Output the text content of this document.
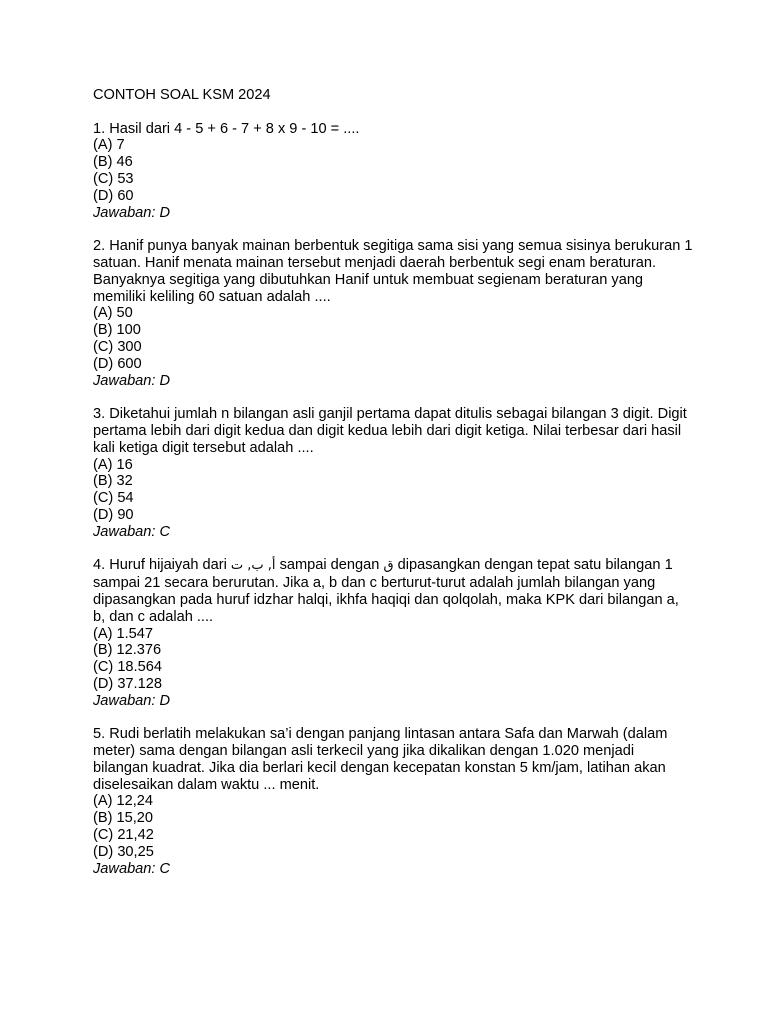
CONTOH SOAL KSM 2024

1. Hasil dari 4 - 5 + 6 - 7 + 8 x 9 - 10 = ....

(A) 7

(B) 46

(C) 53

(D) 60

Jawaban: D

2. Hanif punya banyak mainan berbentuk segitiga sama sisi yang semua sisinya berukuran 1 satuan. Hanif menata mainan tersebut menjadi daerah berbentuk segi enam beraturan. Banyaknya segitiga yang dibutuhkan Hanif untuk membuat segienam beraturan yang memiliki keliling 60 satuan adalah ....

(A) 50

(B) 100

(C) 300

(D) 600

Jawaban: D

3. Diketahui jumlah n bilangan asli ganjil pertama dapat ditulis sebagai bilangan 3 digit. Digit pertama lebih dari digit kedua dan digit kedua lebih dari digit ketiga. Nilai terbesar dari hasil kali ketiga digit tersebut adalah ....

(A) 16

(B) 32

(C) 54

(D) 90

Jawaban: C

4. Huruf hijaiyah dari أ, ب, ت sampai dengan ق dipasangkan dengan tepat satu bilangan 1 sampai 21 secara berurutan. Jika a, b dan c berturut-turut adalah jumlah bilangan yang dipasangkan pada huruf idzhar halqi, ikhfa haqiqi dan qolqolah, maka KPK dari bilangan a, b, dan c adalah ....

(A) 1.547

(B) 12.376

(C) 18.564

(D) 37.128

Jawaban: D

5. Rudi berlatih melakukan sa’i dengan panjang lintasan antara Safa dan Marwah (dalam meter) sama dengan bilangan asli terkecil yang jika dikalikan dengan 1.020 menjadi bilangan kuadrat. Jika dia berlari kecil dengan kecepatan konstan 5 km/jam, latihan akan diselesaikan dalam waktu ... menit.

(A) 12,24

(B) 15,20

(C) 21,42

(D) 30,25

Jawaban: C
